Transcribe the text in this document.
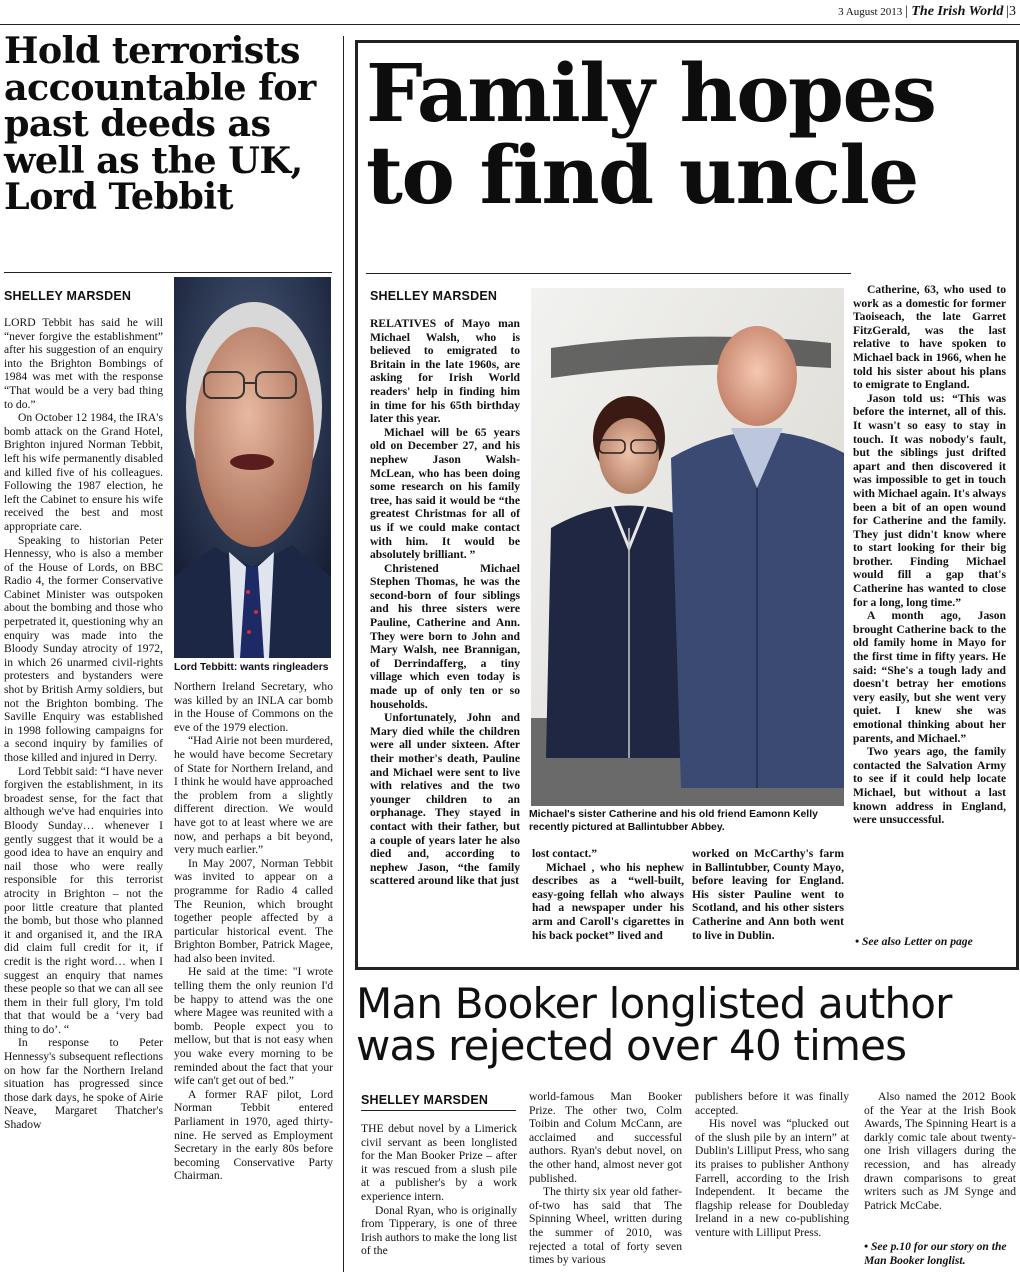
3 August 2013 | The Irish World |3
Hold terrorists
accountable for
past deeds as
well as the UK,
Lord Tebbit
SHELLEY MARSDEN
Lord Tebbitt: wants ringleaders

LORD Tebbit has said he will “never forgive the establishment” after his suggestion of an enquiry into the Brighton Bombings of 1984 was met with the response “That would be a very bad thing to do.”

On October 12 1984, the IRA's bomb attack on the Grand Hotel, Brighton injured Norman Tebbit, left his wife permanently disabled and killed five of his colleagues. Following the 1987 election, he left the Cabinet to ensure his wife received the best and most appropriate care.

Speaking to historian Peter Hennessy, who is also a member of the House of Lords, on BBC Radio 4, the former Conservative Cabinet Minister was outspoken about the bombing and those who perpetrated it, questioning why an enquiry was made into the Bloody Sunday atrocity of 1972, in which 26 unarmed civil-rights protesters and bystanders were shot by British Army soldiers, but not the Brighton bombing. The Saville Enquiry was established in 1998 following campaigns for a second inquiry by families of those killed and injured in Derry.

Lord Tebbit said: “I have never forgiven the establishment, in its broadest sense, for the fact that although we've had enquiries into Bloody Sunday… whenever I gently suggest that it would be a good idea to have an enquiry and nail those who were really responsible for this terrorist atrocity in Brighton – not the poor little creature that planted the bomb, but those who planned it and organised it, and the IRA did claim full credit for it, if credit is the right word… when I suggest an enquiry that names these people so that we can all see them in their full glory, I'm told that that would be a ‘very bad thing to do’. “

In response to Peter Hennessy's subsequent reflections on how far the Northern Ireland situation has progressed since those dark days, he spoke of Airie Neave, Margaret Thatcher's Shadow

Northern Ireland Secretary, who was killed by an INLA car bomb in the House of Commons on the eve of the 1979 election.

“Had Airie not been murdered, he would have become Secretary of State for Northern Ireland, and I think he would have approached the problem from a slightly different direction. We would have got to at least where we are now, and perhaps a bit beyond, very much earlier.”

In May 2007, Norman Tebbit was invited to appear on a programme for Radio 4 called The Reunion, which brought together people affected by a particular historical event. The Brighton Bomber, Patrick Magee, had also been invited.

He said at the time: "I wrote telling them the only reunion I'd be happy to attend was the one where Magee was reunited with a bomb. People expect you to mellow, but that is not easy when you wake every morning to be reminded about the fact that your wife can't get out of bed.”

A former RAF pilot, Lord Norman Tebbit entered Parliament in 1970, aged thirty-nine. He served as Employment Secretary in the early 80s before becoming Conservative Party Chairman.

Family hopes
to find uncle
SHELLEY MARSDEN
Michael's sister Catherine and his old friend Eamonn Kelly recently pictured at Ballintubber Abbey.

RELATIVES of Mayo man Michael Walsh, who is believed to emigrated to Britain in the late 1960s, are asking for Irish World readers' help in finding him in time for his 65th birthday later this year.

Michael will be 65 years old on December 27, and his nephew Jason Walsh-McLean, who has been doing some research on his family tree, has said it would be “the greatest Christmas for all of us if we could make contact with him. It would be absolutely brilliant. ”

Christened Michael Stephen Thomas, he was the second-born of four siblings and his three sisters were Pauline, Catherine and Ann. They were born to John and Mary Walsh, nee Brannigan, of Derrindafferg, a tiny village which even today is made up of only ten or so households.

Unfortunately, John and Mary died while the children were all under sixteen. After their mother's death, Pauline and Michael were sent to live with relatives and the two younger children to an orphanage. They stayed in contact with their father, but a couple of years later he also died and, according to nephew Jason, “the family scattered around like that just

lost contact.”

Michael , who his nephew describes as a “well-built, easy-going fellah who always had a newspaper under his arm and Caroll's cigarettes in his back pocket” lived and

worked on McCarthy's farm in Ballintubber, County Mayo, before leaving for England. His sister Pauline went to Scotland, and his other sisters Catherine and Ann both went to live in Dublin.

Catherine, 63, who used to work as a domestic for former Taoiseach, the late Garret FitzGerald, was the last relative to have spoken to Michael back in 1966, when he told his sister about his plans to emigrate to England.

Jason told us: “This was before the internet, all of this. It wasn't so easy to stay in touch. It was nobody's fault, but the siblings just drifted apart and then discovered it was impossible to get in touch with Michael again. It's always been a bit of an open wound for Catherine and the family. They just didn't know where to start looking for their big brother. Finding Michael would fill a gap that's Catherine has wanted to close for a long, long time.”

A month ago, Jason brought Catherine back to the old family home in Mayo for the first time in fifty years. He said: “She's a tough lady and doesn't betray her emotions very easily, but she went very quiet. I knew she was emotional thinking about her parents, and Michael.”

Two years ago, the family contacted the Salvation Army to see if it could help locate Michael, but without a last known address in England, were unsuccessful.

• See also Letter on page
Man Booker longlisted author
was rejected over 40 times
SHELLEY MARSDEN

THE debut novel by a Limerick civil servant as been longlisted for the Man Booker Prize – after it was rescued from a slush pile at a publisher's by a work experience intern.

Donal Ryan, who is originally from Tipperary, is one of three Irish authors to make the long list of the

world-famous Man Booker Prize. The other two, Colm Toibin and Colum McCann, are acclaimed and successful authors. Ryan's debut novel, on the other hand, almost never got published.

The thirty six year old father-of-two has said that The Spinning Wheel, written during the summer of 2010, was rejected a total of forty seven times by various

publishers before it was finally accepted.

His novel was “plucked out of the slush pile by an intern” at Dublin's Lilliput Press, who sang its praises to publisher Anthony Farrell, according to the Irish Independent. It became the flagship release for Doubleday Ireland in a new co-publishing venture with Lilliput Press.

Also named the 2012 Book of the Year at the Irish Book Awards, The Spinning Heart is a darkly comic tale about twenty-one Irish villagers during the recession, and has already drawn comparisons to great writers such as JM Synge and Patrick McCabe.

• See p.10 for our story on the Man Booker longlist.
